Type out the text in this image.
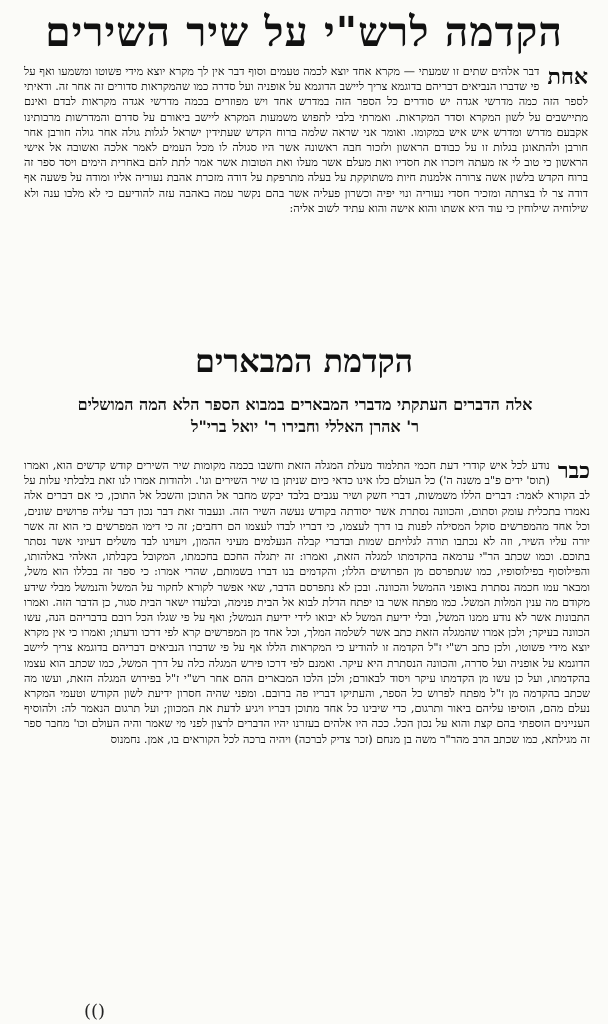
הקדמה לרש"י על שיר השירים
אחת
דבר אלהים שתים זו שמעתי — מקרא אחד יוצא לכמה טעמים וסוף דבר אין לך מקרא יוצא מידי פשוטו ומשמעו ואף על פי שדברו הנביאים דבריהם בדוגמא צריך ליישב הדוגמא על אופניה ועל סדרה כמו שהמקראות סדורים זה אחר זה. ודאיתי לספר הזה כמה מדרשי אגדה יש סודרים כל הספר הזה במדרש אחד ויש מפוזרים בכמה מדרשי אגדה מקראות לבדם ואינם מתיישבים על לשון המקרא וסדר המקראות. ואמרתי בלבי לתפוש משמעות המקרא ליישב ביאורם על סדרם והמדרשות מרבותינו אקבעם מדרש ומדרש איש איש במקומו. ואומר אני שראה שלמה ברוח הקדש שעתידין ישראל לגלות גולה אחר גולה חורבן אחר חורבן ולהתאונן בגלות זו על כבודם הראשון ולזכור חבה ראשונה אשר היו סגולה לו מכל העמים לאמר אלכה ואשובה אל אישי הראשון כי טוב לי אז מעתה ויזכרו את חסדיו ואת מעלם אשר מעלו ואת הטובות אשר אמר לתת להם באחרית הימים ויסד ספר זה ברוח הקדש בלשון אשה צרורה אלמנות חיות משתוקקת על בעלה מתרפקת על דודה מזכרת אהבת נעוריה אליו ומודה על פשעה אף דודה צר לו בצרתה ומזכיר חסדי נעוריה ונוי יפיה וכשרון פעליה אשר בהם נקשר עמה באהבה עזה להודיעם כי לא מלבו ענה ולא שילוחיה שילוחין כי עוד היא אשתו והוא אישה והוא עתיד לשוב אליה:
הקדמת המבארים
אלה הדברים העתקתי מדברי המבארים במבוא הספר הלא המה המושלים
ר' אהרן האללי וחבירו ר' יואל ברי"ל
כבר
נודע לכל איש קודרי דעת חכמי התלמוד מעלת המגלה הזאת וחשבו בכמה מקומות שיר השירים קודש קדשים הוא, ואמרו (תוס' ידים פ"ב משנה ה') כל העולם כלו אינו כדאי כיום שניתן בו שיר השירים וגו'. ולהודות אמרו לנו זאת בלבלתי עלות על לב הקורא לאמר: דברים הללו משמשות, דברי חשק ושיר עגבים בלבד יבקש מחבר אל התוכן והשכל אל התוכן, כי אם דברים אלה נאמרו בתכלית עומק וסתום, והכוונה נסתרת אשר יסודתה בקודש נעשה השיר הזה. ונעבוד זאת דבר נכון דבר עליה פרושים שונים, וכל אחד מהמפרשים סוקל המסילה לפנות בו דרך לעצמו, כי דבריו לבדו לעצמו הם רחבים; זה כי דימו המפרשים כי הוא זה אשר יורה עליו השיר, וזה לא נכתבו תורה לגלויתם שמות ובדברי קבלה הנעלמים מעיני ההמון, ויעוינו לבד משלים דעיוני אשר נסתר בתוכם. וכמו שכתב הר"י ערמאה בהקדמתו למגלה הזאת, ואמרו: זה יתגלה החכם בחכמתו, המקובל בקבלתו, האלהי באלהותו, והפילוסוף בפילוסופיו, כמו שנתפרסם מן הפרושים הללו; והקדמים בנו דברו בשמותם, שהרי אמרו: כי ספר זה בכללו הוא משל, ומבאר עמו חכמה נסתרת באופני ההמשל והכוונה. ובכן לא נתפרסם הדבר, שאי אפשר לקורא לחקור על המשל והנמשל מבלי שידע מקודם מה ענין המלות המשל. כמו מפתח אשר בו יפתח הדלת לבוא אל הבית פנימה, ובלעדו ישאר הבית סגור, כן הדבר הזה. ואמרו התבונות אשר לא נודע ממנו המשל, ובלי ידיעת המשל לא יבואו לידי ידיעת הנמשל; ואף על פי שגלו הכל רובם בדבריהם הנה, עשו הכוונה בעיקר; ולכן אמרו שהמגלה הזאת כתב אשר לשלמה המלך, וכל אחד מן המפרשים קרא לפי דרכו ודעתו; ואמרו כי אין מקרא יוצא מידי פשוטו, ולכן כתב רש"י ז"ל הקדמה זו להודיע כי המקראות הללו אף על פי שדברו הנביאים דבריהם בדוגמא צריך ליישב הדוגמא על אופניה ועל סדרה, והכוונה הנסתרת היא עיקר. ואמנם לפי דרכו פירש המגלה כלה על דרך המשל, כמו שכתב הוא עצמו בהקדמתו, ועל כן עשו מן הקדמתו עיקר ויסוד לבאורם; ולכן הלכו המבארים ההם אחר רש"י ז"ל בפירוש המגלה הזאת, ועשו מה שכתב בהקדמה מן ז"ל מפתח לפרוש כל הספר, והעתיקו דבריו פה ברובם. ומפני שהיה חסרון ידיעת לשון הקודש וטעמי המקרא נעלם מהם, הוסיפו עליהם ביאור ותרגום, כדי שיבינו כל אחד מתוכן דבריו ויגיע לדעת את המכוון; ועל תרגום הנאמר לה: ולהוסיף העניינים הוספתי בהם קצת והוא על נכון הכל. ככה היו אלהים בעזרנו יהיו הדברים לרצון לפני מי שאמר והיה העולם וכו' מחבר ספר זה מגילתא, כמו שכתב הרב מהר"ר משה בן מנחם (זכר צדיק לברכה) ויהיה ברכה לכל הקוראים בו, אמן. נחמנוס
(()
